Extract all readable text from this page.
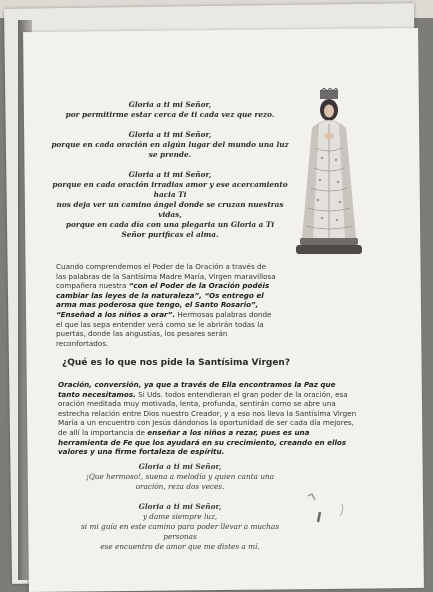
Gloria a ti mi Señor,
por permitirme estar cerca de ti cada vez que rezo.

Gloria a ti mi Señor,
porque en cada oración en algún lugar del mundo una luz
se prende.

Gloria a ti mi Señor,
porque en cada oración irradias amor y ese acercamiento
hacia Ti
nos deja ver un camino ángel donde se cruzan nuestras
vidas,
porque en cada día con una plegaria un Gloria a Ti
Señor purificas el alma.

Cuando comprendemos el Poder de la Oración a través de las palabras de la Santísima Madre María, Virgen maravillosa compañera nuestra “con el Poder de la Oración podéis cambiar las leyes de la naturaleza”, “Os entrego el arma mas poderosa que tengo, el Santo Rosario”, “Enseñad a los niños a orar”. Hermosas palabras donde el que las sepa entender verá como se le abrirán todas la puertas, donde las angustias, los pesares serán reconfortados.
¿Qué es lo que nos pide la Santísima Virgen?
Oración, conversión, ya que a través de Ella encontramos la Paz que tanto necesitamos. Si Uds. todos entendieran el gran poder de la oración, esa oración meditada muy motivada, lenta, profunda, sentirán como se abre una estrecha relación entre Dios nuestro Creador, y a eso nos lleva la Santísima Virgen María a un encuentro con Jesús dándonos la oportunidad de ser cada día mejores, de allí la importancia de enseñar a los niños a rezar, pues es una herramienta de Fe que los ayudará en su crecimiento, creando en ellos valores y una firme fortaleza de espíritu.

Gloria a ti mi Señor,
¡Que hermoso!, suena a melodía y quien canta una
oración, reza dos veces.

Gloria a ti mi Señor,
y dame siempre luz,
si mi guía en este camino para poder llevar a muchas
personas
ese encuentro de amor que me distes a mí.
